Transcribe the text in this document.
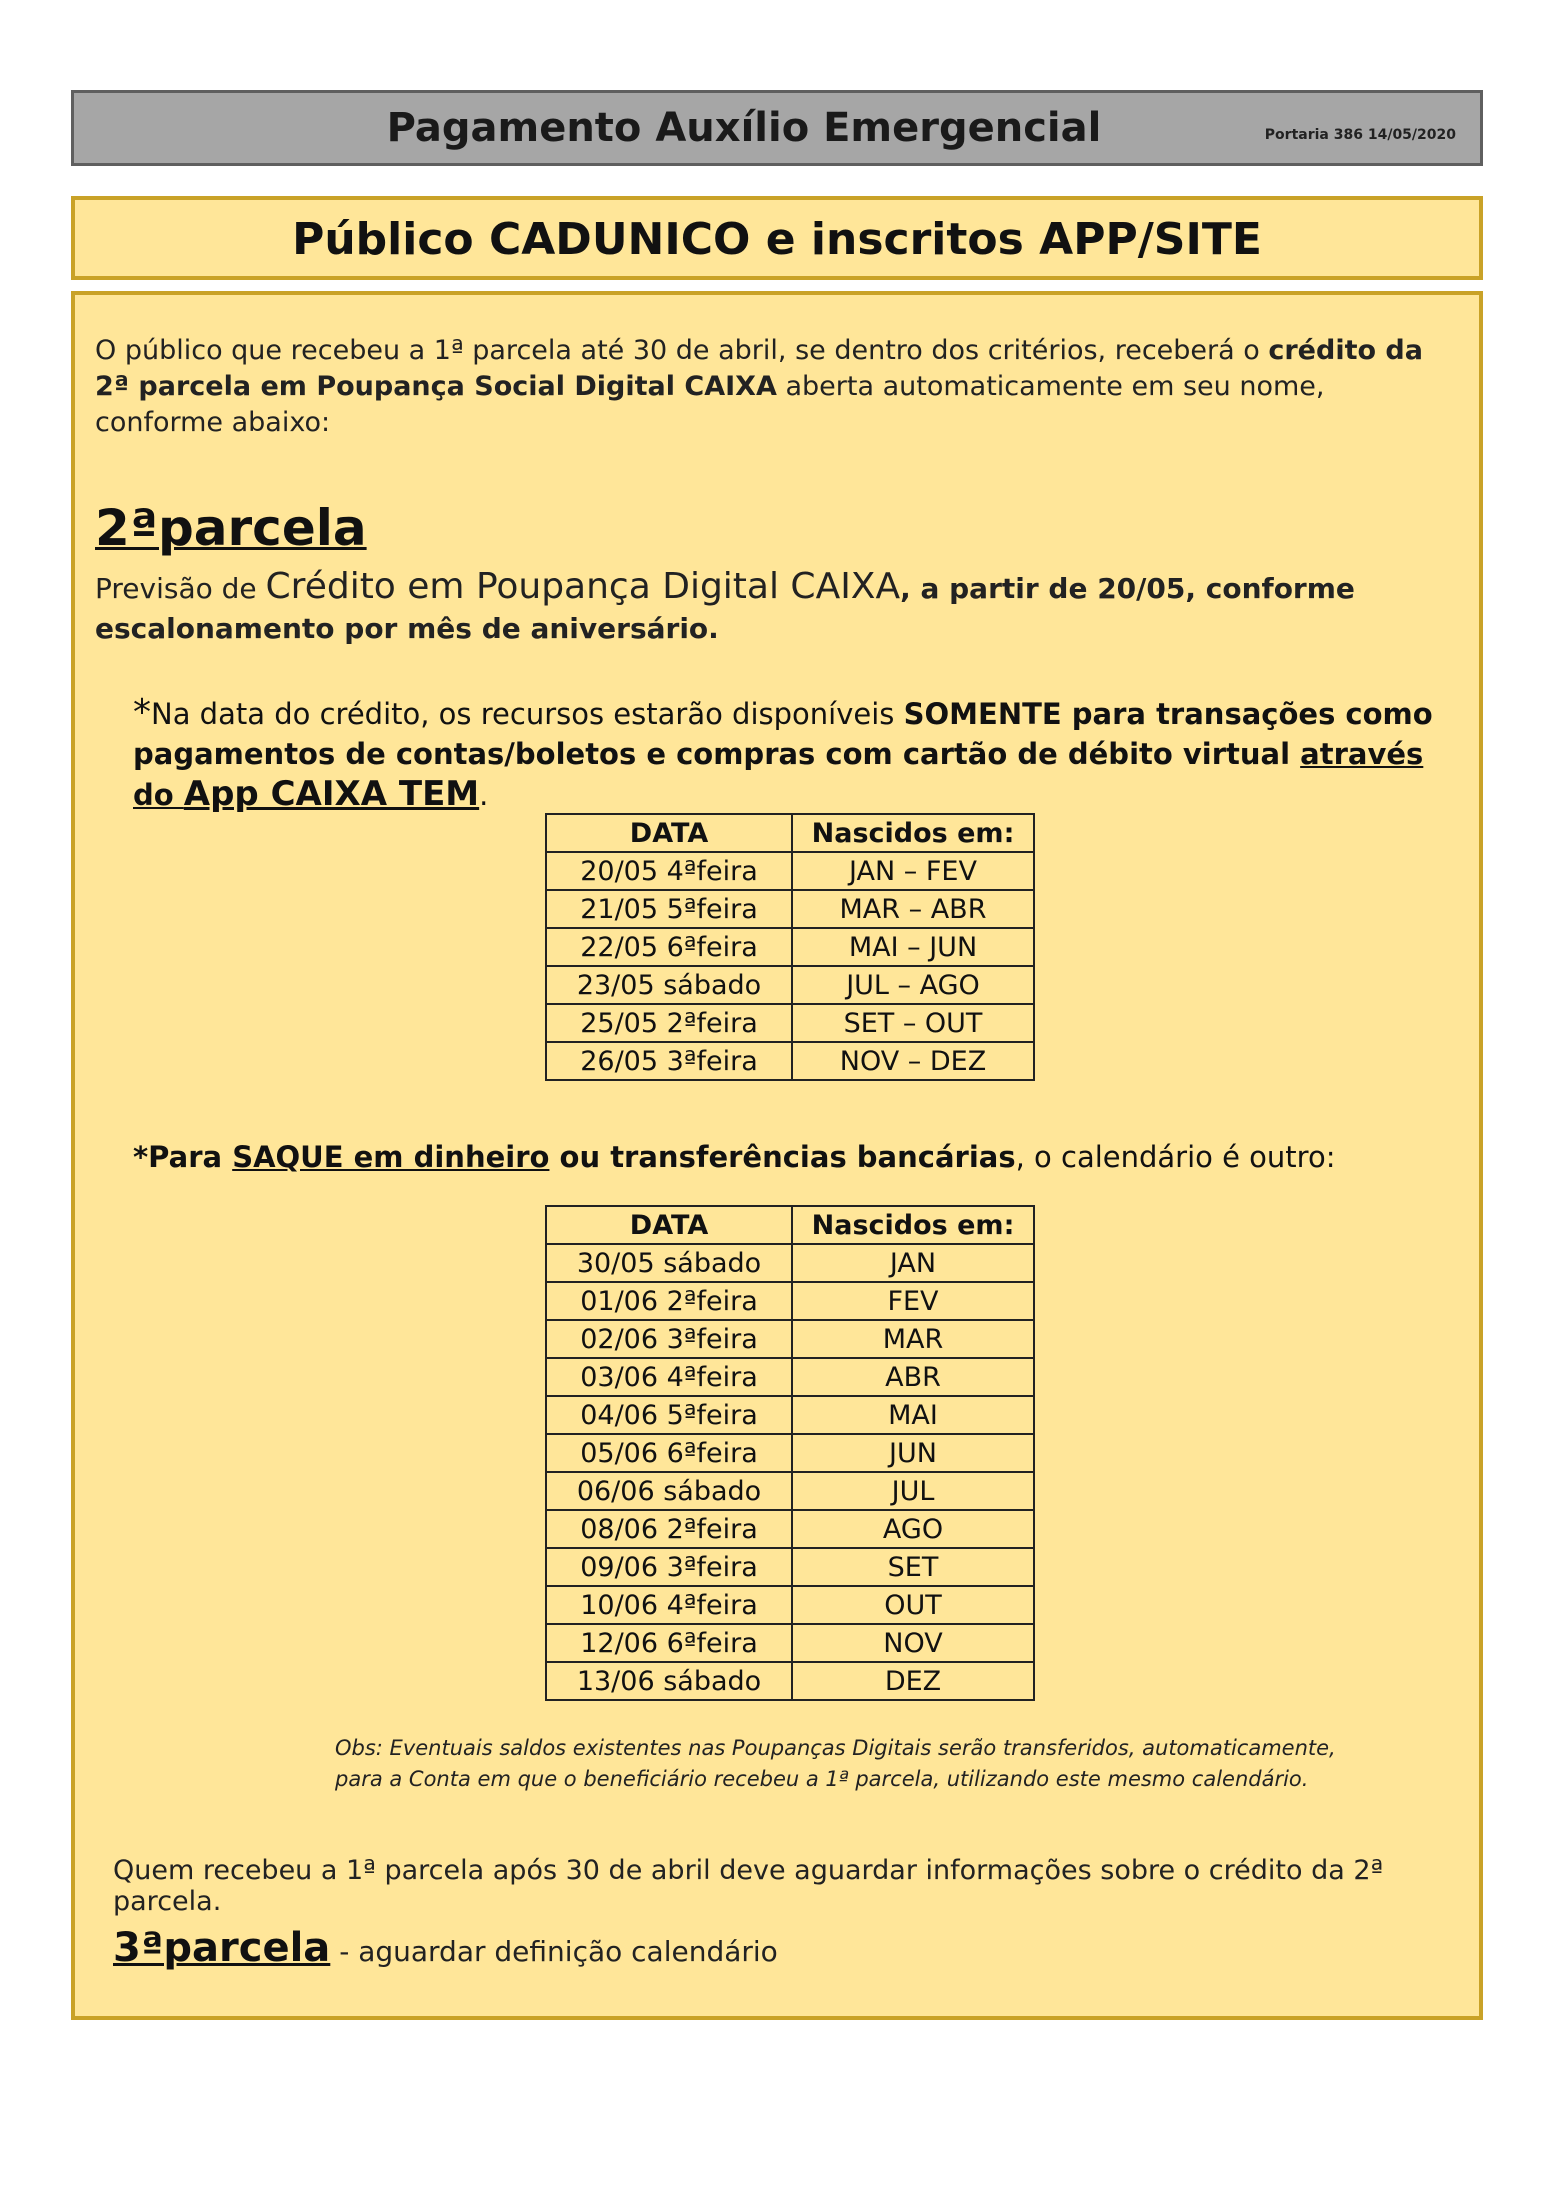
Pagamento Auxílio Emergencial	Portaria 386 14/05/2020
Público CADUNICO e inscritos APP/SITE
O público que recebeu a 1ª parcela até 30 de abril, se dentro dos critérios, receberá o crédito da 2ª parcela em Poupança Social Digital CAIXA aberta automaticamente em seu nome, conforme abaixo:
2ªparcela
Previsão de Crédito em Poupança Digital CAIXA, a partir de 20/05, conforme escalonamento por mês de aniversário.
*Na data do crédito, os recursos estarão disponíveis SOMENTE para transações como pagamentos de contas/boletos e compras com cartão de débito virtual através do App CAIXA TEM.
DATA	Nascidos em:
20/05 4ªfeira	JAN – FEV
21/05 5ªfeira	MAR – ABR
22/05 6ªfeira	MAI – JUN
23/05 sábado	JUL – AGO
25/05 2ªfeira	SET – OUT
26/05 3ªfeira	NOV – DEZ
*Para SAQUE em dinheiro ou transferências bancárias, o calendário é outro:
DATA	Nascidos em:
30/05 sábado	JAN
01/06 2ªfeira	FEV
02/06 3ªfeira	MAR
03/06 4ªfeira	ABR
04/06 5ªfeira	MAI
05/06 6ªfeira	JUN
06/06 sábado	JUL
08/06 2ªfeira	AGO
09/06 3ªfeira	SET
10/06 4ªfeira	OUT
12/06 6ªfeira	NOV
13/06 sábado	DEZ
Obs: Eventuais saldos existentes nas Poupanças Digitais serão transferidos, automaticamente,
para a Conta em que o beneficiário recebeu a 1ª parcela, utilizando este mesmo calendário.
Quem recebeu a 1ª parcela após 30 de abril deve aguardar informações sobre o crédito da 2ª parcela.
3ªparcela - aguardar definição calendário
